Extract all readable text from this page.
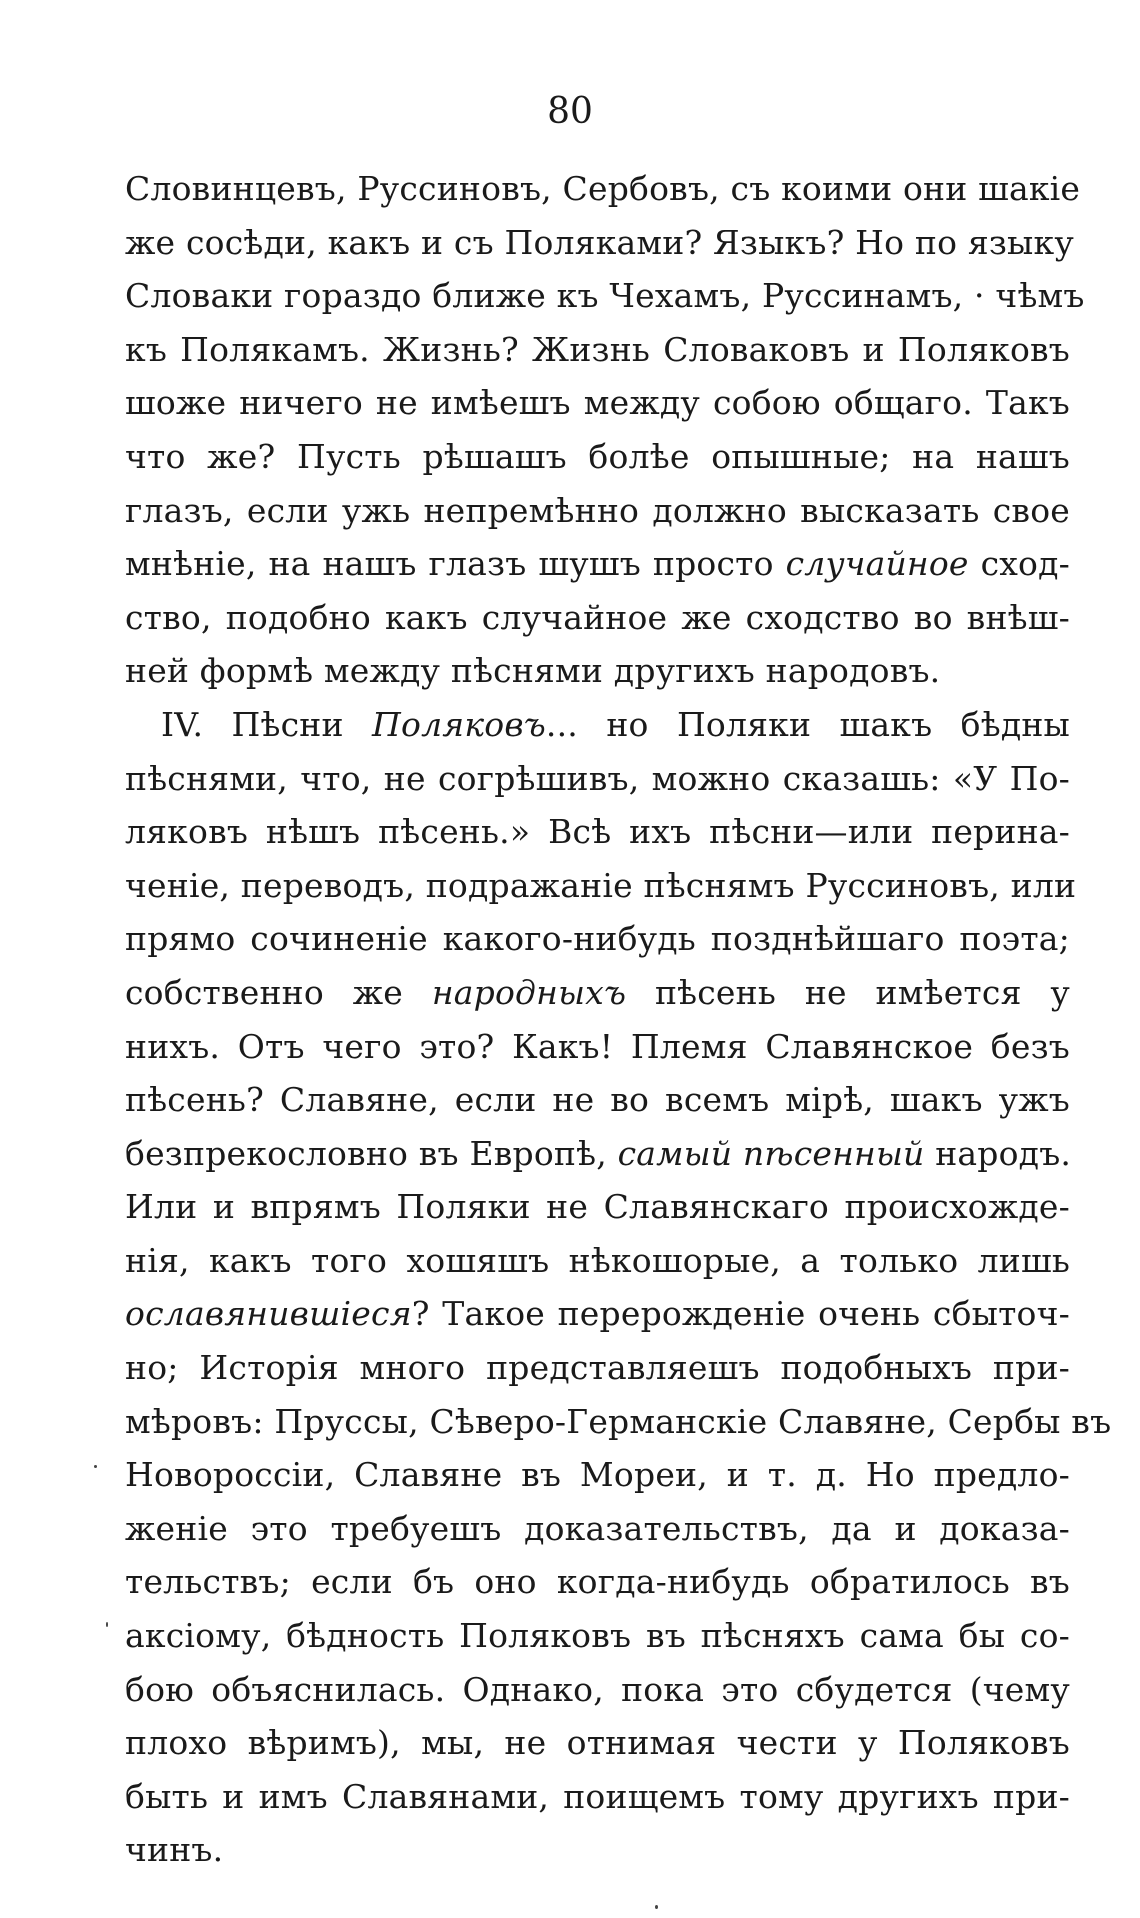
80
Словинцевъ, Руссиновъ, Сербовъ, съ коими они шакіе
же сосѣди, какъ и съ Поляками? Языкъ? Но по языку
Словаки гораздо ближе къ Чехамъ, Руссинамъ, · чѣмъ
къ Полякамъ. Жизнь? Жизнь Словаковъ и Поляковъ
шоже ничего не имѣешъ между собою общаго. Такъ
что же? Пусть рѣшашъ болѣе опышные; на нашъ
глазъ, если ужь непремѣнно должно высказать свое
мнѣніе, на нашъ глазъ шушъ просто случайное сход-
ство, подобно какъ случайное же сходство во внѣш-
ней формѣ между пѣснями другихъ народовъ.
IV. Пѣсни Поляковъ... но Поляки шакъ бѣдны
пѣснями, что, не согрѣшивъ, можно сказашь: «У По-
ляковъ нѣшъ пѣсень.» Всѣ ихъ пѣсни—или перина-
ченіе, переводъ, подражаніе пѣснямъ Руссиновъ, или
прямо сочиненіе какого-нибудь позднѣйшаго поэта;
собственно же народныхъ пѣсень не имѣется у
нихъ. Отъ чего это? Какъ! Племя Славянское безъ
пѣсень? Славяне, если не во всемъ мірѣ, шакъ ужъ
безпрекословно въ Европѣ, самый пѣсенный народъ.
Или и впрямъ Поляки не Славянскаго происхожде-
нія, какъ того хошяшъ нѣкошорые, а только лишь
ославянившіеся? Такое перерожденіе очень сбыточ-
но; Исторія много представляешъ подобныхъ при-
мѣровъ: Пруссы, Сѣверо-Германскіе Славяне, Сербы въ
Новороссіи, Славяне въ Мореи, и т. д. Но предло-
женіе это требуешъ доказательствъ, да и доказа-
тельствъ; если бъ оно когда-нибудь обратилось въ
аксіому, бѣдность Поляковъ въ пѣсняхъ сама бы со-
бою объяснилась. Однако, пока это сбудется (чему
плохо вѣримъ), мы, не отнимая чести у Поляковъ
быть и имъ Славянами, поищемъ тому другихъ при-
чинъ.
